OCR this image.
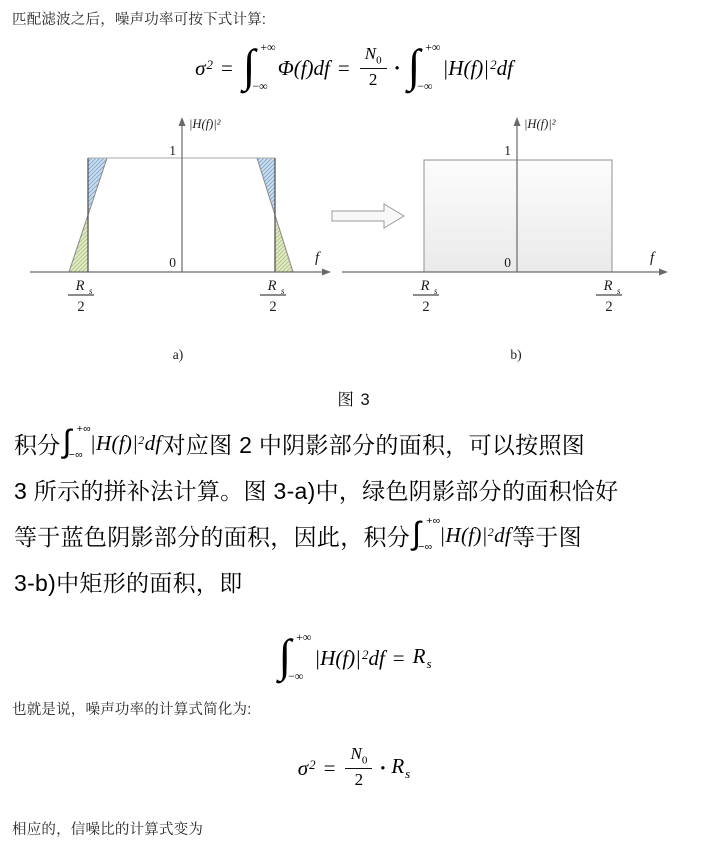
匹配滤波之后，噪声功率可按下式计算:
$\sigma^2$ = ∫ +∞
−∞
$\Phi(f)df = \frac{N_0}{2}$ · ∫ +∞
−∞
$|H(f)|^2df$
|H(f)|²
1
0	f
R s
2
R s
2
a)
|H(f)|²
1
0	f
R s
2
R s
2
b)
图 3
积分 ∫ +∞
−∞
$|H(f)|^2df$ 对应图 2 中阴影部分的面积，可以按照图
3 所示的拼补法计算。图 3-a)中，绿色阴影部分的面积恰好
等于蓝色阴影部分的面积，因此，积分 ∫ +∞
−∞
$|H(f)|^2df$ 等于图
3-b)中矩形的面积，即
∫ +∞
−∞
$|H(f)|^2df = R_s$
也就是说，噪声功率的计算式简化为:
$\sigma^2 = \frac{N_0}{2} \cdot R_s$
相应的，信噪比的计算式变为
